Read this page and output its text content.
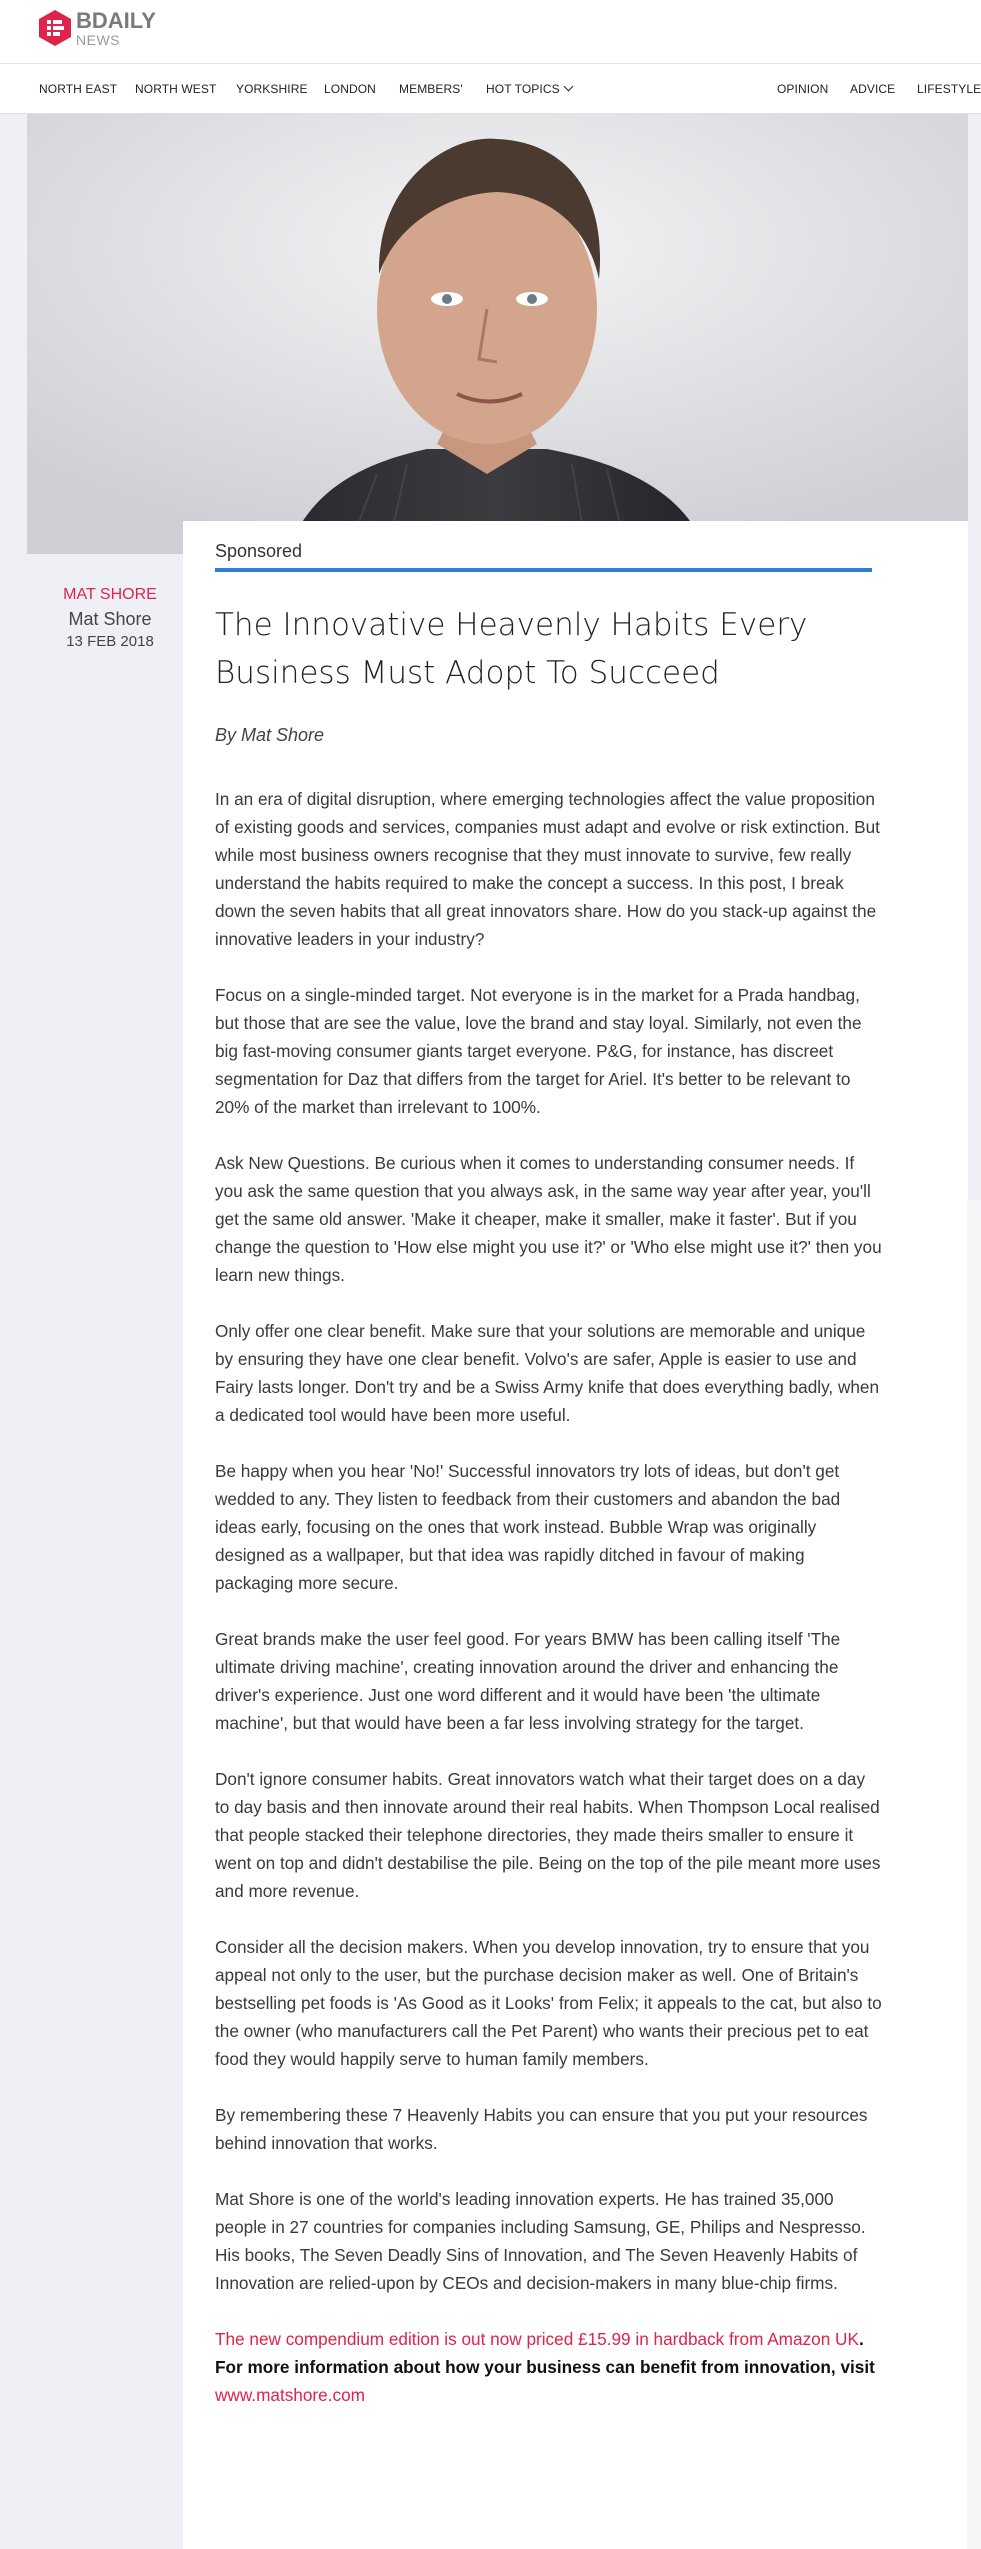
BDAILY
NEWS
NORTH EAST NORTH WEST YORKSHIRE LONDON MEMBERS' HOT TOPICS	OPINION ADVICE LIFESTYLE
MAT SHORE
Mat Shore
13 FEB 2018
Sponsored
The Innovative Heavenly Habits Every Business Must Adopt To Succeed
By Mat Shore

In an era of digital disruption, where emerging technologies affect the value proposition of existing goods and services, companies must adapt and evolve or risk extinction. But while most business owners recognise that they must innovate to survive, few really understand the habits required to make the concept a success. In this post, I break down the seven habits that all great innovators share. How do you stack-up against the innovative leaders in your industry?

Focus on a single-minded target. Not everyone is in the market for a Prada handbag, but those that are see the value, love the brand and stay loyal. Similarly, not even the big fast-moving consumer giants target everyone. P&G, for instance, has discreet segmentation for Daz that differs from the target for Ariel. It's better to be relevant to 20% of the market than irrelevant to 100%.

Ask New Questions. Be curious when it comes to understanding consumer needs. If you ask the same question that you always ask, in the same way year after year, you'll get the same old answer. 'Make it cheaper, make it smaller, make it faster'. But if you change the question to 'How else might you use it?' or 'Who else might use it?' then you learn new things.

Only offer one clear benefit. Make sure that your solutions are memorable and unique by ensuring they have one clear benefit. Volvo's are safer, Apple is easier to use and Fairy lasts longer. Don't try and be a Swiss Army knife that does everything badly, when a dedicated tool would have been more useful.

Be happy when you hear 'No!' Successful innovators try lots of ideas, but don't get wedded to any. They listen to feedback from their customers and abandon the bad ideas early, focusing on the ones that work instead. Bubble Wrap was originally designed as a wallpaper, but that idea was rapidly ditched in favour of making packaging more secure.

Great brands make the user feel good. For years BMW has been calling itself 'The ultimate driving machine', creating innovation around the driver and enhancing the driver's experience. Just one word different and it would have been 'the ultimate machine', but that would have been a far less involving strategy for the target.

Don't ignore consumer habits. Great innovators watch what their target does on a day to day basis and then innovate around their real habits. When Thompson Local realised that people stacked their telephone directories, they made theirs smaller to ensure it went on top and didn't destabilise the pile. Being on the top of the pile meant more uses and more revenue.

Consider all the decision makers. When you develop innovation, try to ensure that you appeal not only to the user, but the purchase decision maker as well. One of Britain's bestselling pet foods is 'As Good as it Looks' from Felix; it appeals to the cat, but also to the owner (who manufacturers call the Pet Parent) who wants their precious pet to eat food they would happily serve to human family members.

By remembering these 7 Heavenly Habits you can ensure that you put your resources behind innovation that works.

Mat Shore is one of the world's leading innovation experts. He has trained 35,000 people in 27 countries for companies including Samsung, GE, Philips and Nespresso. His books, The Seven Deadly Sins of Innovation, and The Seven Heavenly Habits of Innovation are relied-upon by CEOs and decision-makers in many blue-chip firms.

The new compendium edition is out now priced £15.99 in hardback from Amazon UK. For more information about how your business can benefit from innovation, visit www.matshore.com
